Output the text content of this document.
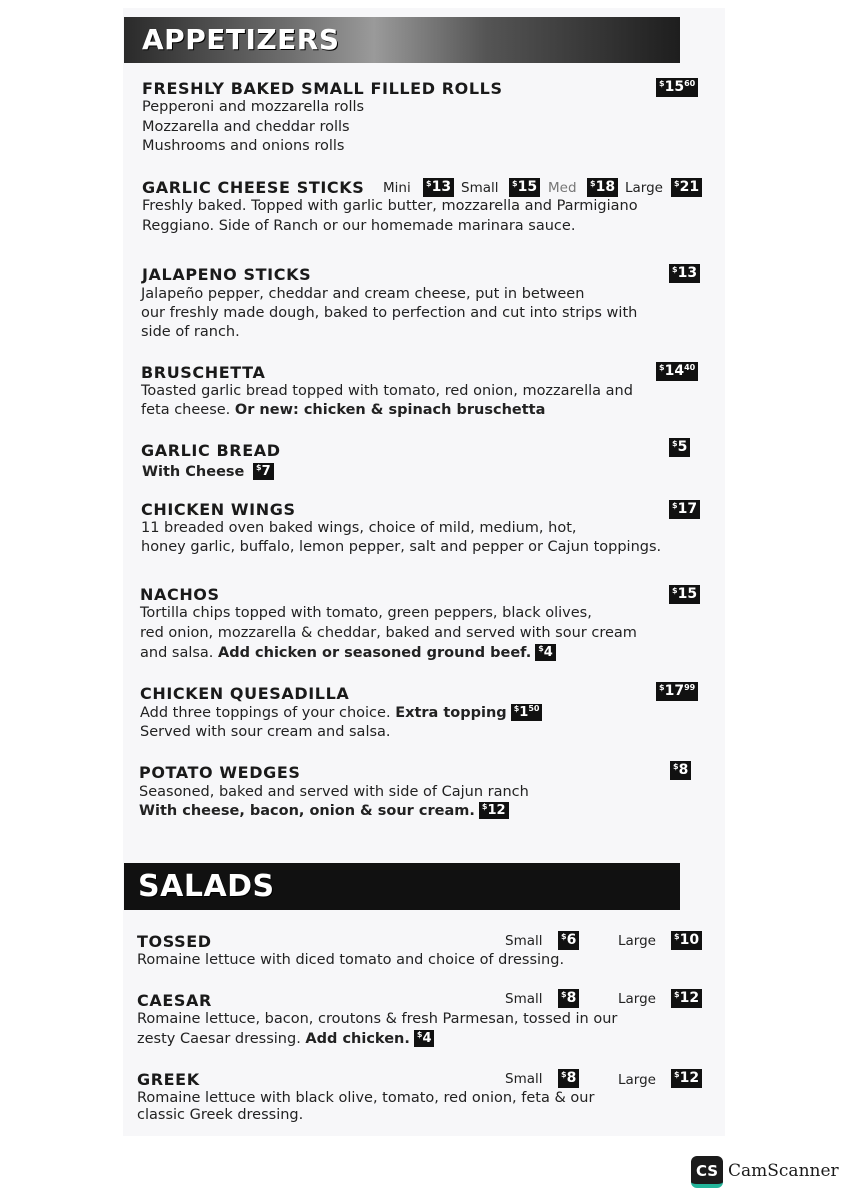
APPETIZERS
FRESHLY BAKED SMALL FILLED ROLLS	$^{\$}15^{60}$
Pepperoni and mozzarella rolls
Mozzarella and cheddar rolls
Mushrooms and onions rolls
GARLIC CHEESE STICKS Mini	$13 Small	$15 Med	$18 Large	$21
Freshly baked. Topped with garlic butter, mozzarella and Parmigiano
Reggiano. Side of Ranch or our homemade marinara sauce.
JALAPENO STICKS	$13
Jalapeño pepper, cheddar and cream cheese, put in between
our freshly made dough, baked to perfection and cut into strips with
side of ranch.
BRUSCHETTA	$^{\$}14^{40}$
Toasted garlic bread topped with tomato, red onion, mozzarella and
feta cheese. Or new: chicken & spinach bruschetta
GARLIC BREAD	$5
With Cheese $7
CHICKEN WINGS	$17
11 breaded oven baked wings, choice of mild, medium, hot,
honey garlic, buffalo, lemon pepper, salt and pepper or Cajun toppings.
NACHOS	$15
Tortilla chips topped with tomato, green peppers, black olives,
red onion, mozzarella & cheddar, baked and served with sour cream
and salsa. Add chicken or seasoned ground beef. $4
CHICKEN QUESADILLA	$^{\$}17^{99}$
Add three toppings of your choice. Extra topping $^{\$}1^{50}$
Served with sour cream and salsa.
POTATO WEDGES	$8
Seasoned, baked and served with side of Cajun ranch
With cheese, bacon, onion & sour cream. $12
SALADS
TOSSED	Small	$6	Large	$10
Romaine lettuce with diced tomato and choice of dressing.
CAESAR	Small	$8	Large	$12
Romaine lettuce, bacon, croutons & fresh Parmesan, tossed in our
zesty Caesar dressing. Add chicken. $4
GREEK	Small	$8	Large	$12
Romaine lettuce with black olive, tomato, red onion, feta & our
classic Greek dressing.
CS CamScanner
